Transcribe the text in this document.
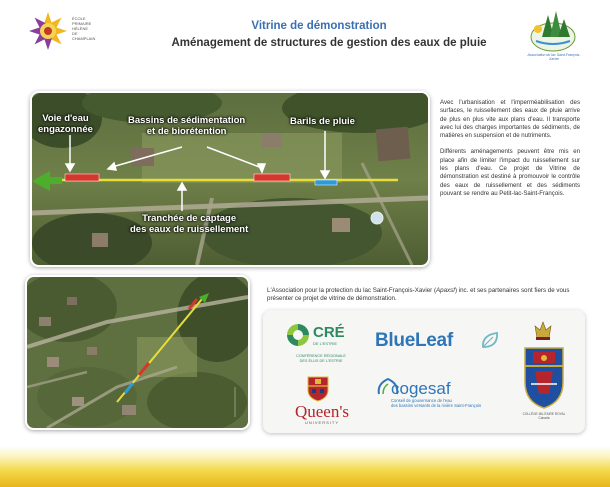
ÉCOLE
PRIMAIRE
HÉLÈNE
DE
CHAMPLAIN
Vitrine de démonstration
Aménagement de structures de gestion des eaux de pluie
Association du lac Saint-François-Xavier
Voie d'eau
engazonnée
Bassins de sédimentation
et de biorétention
Barils de pluie
Tranchée de captage
des eaux de ruissellement

Avec l'urbanisation et l'imperméabilisation des surfaces, le ruissellement des eaux de pluie arrive de plus en plus vite aux plans d'eau. Il transporte avec lui des charges importantes de sédiments, de matières en suspension et de nutriments.

Différents aménagements peuvent être mis en place afin de limiter l'impact du ruissellement sur les plans d'eau. Ce projet de Vitrine de démonstration est destiné à promouvoir le contrôle des eaux de ruissellement et des sédiments pouvant se rendre au Petit-lac-Saint-François.

L'Association pour la protection du lac Saint-François-Xavier (Apaxsf) inc. et ses partenaires sont fiers de vous présenter ce projet de vitrine de démonstration.
CRÉ
DE L'ESTRIE
CONFÉRENCE RÉGIONALE
DES ÉLUS DE L'ESTRIE
BlueLeaf
Queen's
UNIVERSITY
cogesaf
Conseil de gouvernance de l'eau
des bassins versants de la rivière Saint-François
COLLÈGE MILITAIRE ROYAL
Canada
